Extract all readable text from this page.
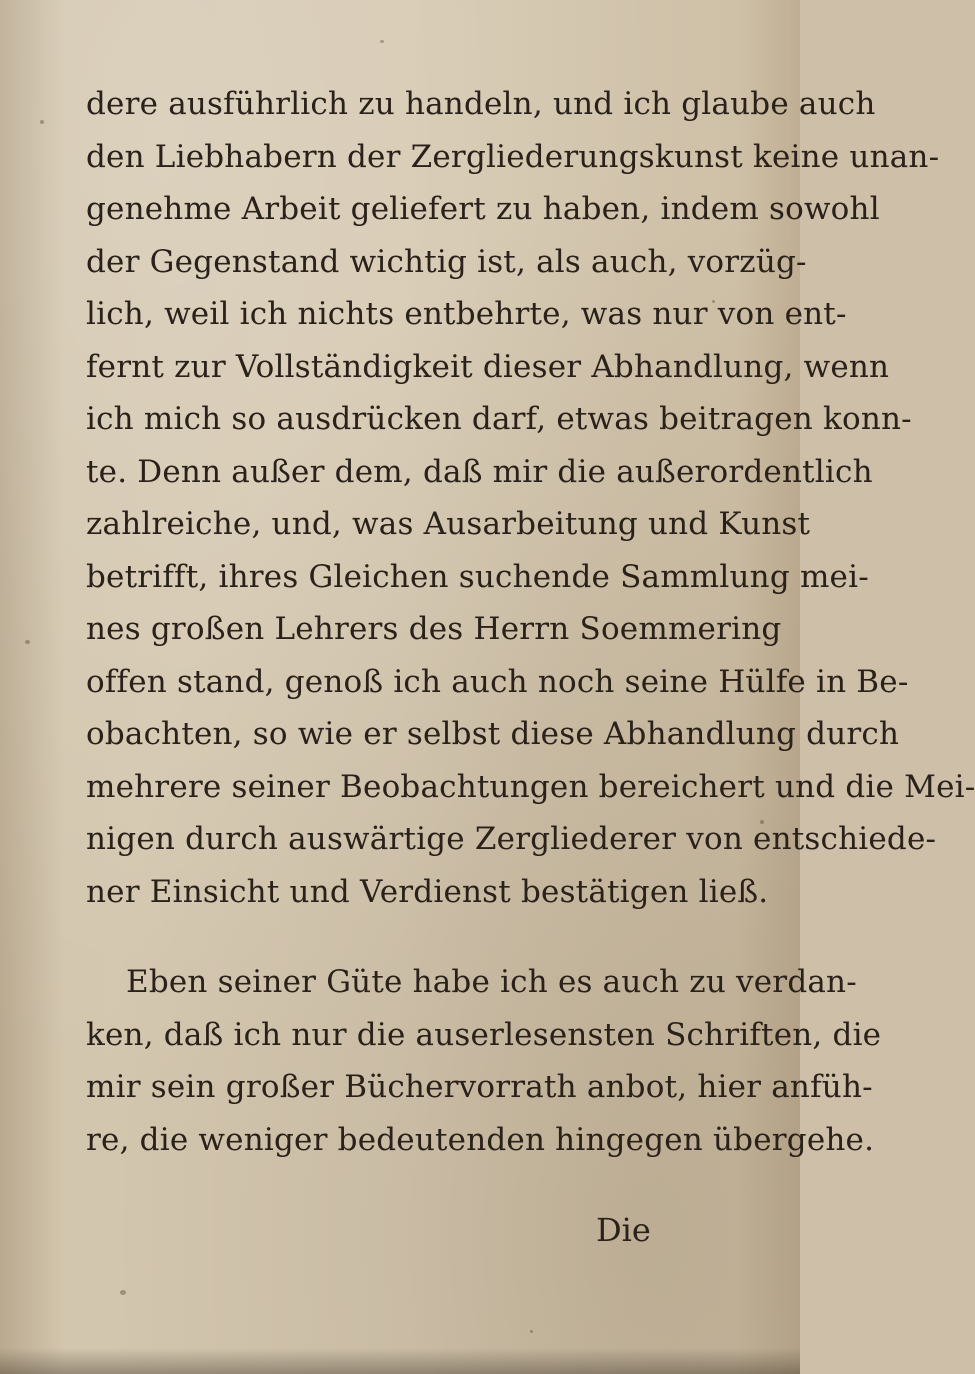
dere ausführlich zu handeln, und ich glaube auch
den Liebhabern der Zergliederungskunst keine unan-
genehme Arbeit geliefert zu haben, indem sowohl
der Gegenstand wichtig ist, als auch, vorzüg-
lich, weil ich nichts entbehrte, was nur von ent-
fernt zur Vollständigkeit dieser Abhandlung, wenn
ich mich so ausdrücken darf, etwas beitragen konn-
te. Denn außer dem, daß mir die außerordentlich
zahlreiche, und, was Ausarbeitung und Kunst
betrifft, ihres Gleichen suchende Sammlung mei-
nes großen Lehrers des Herrn Soemmering
offen stand, genoß ich auch noch seine Hülfe in Be-
obachten, so wie er selbst diese Abhandlung durch
mehrere seiner Beobachtungen bereichert und die Mei-
nigen durch auswärtige Zergliederer von entschiede-
ner Einsicht und Verdienst bestätigen ließ.
Eben seiner Güte habe ich es auch zu verdan-
ken, daß ich nur die auserlesensten Schriften, die
mir sein großer Büchervorrath anbot, hier anfüh-
re, die weniger bedeutenden hingegen übergehe.
Die
